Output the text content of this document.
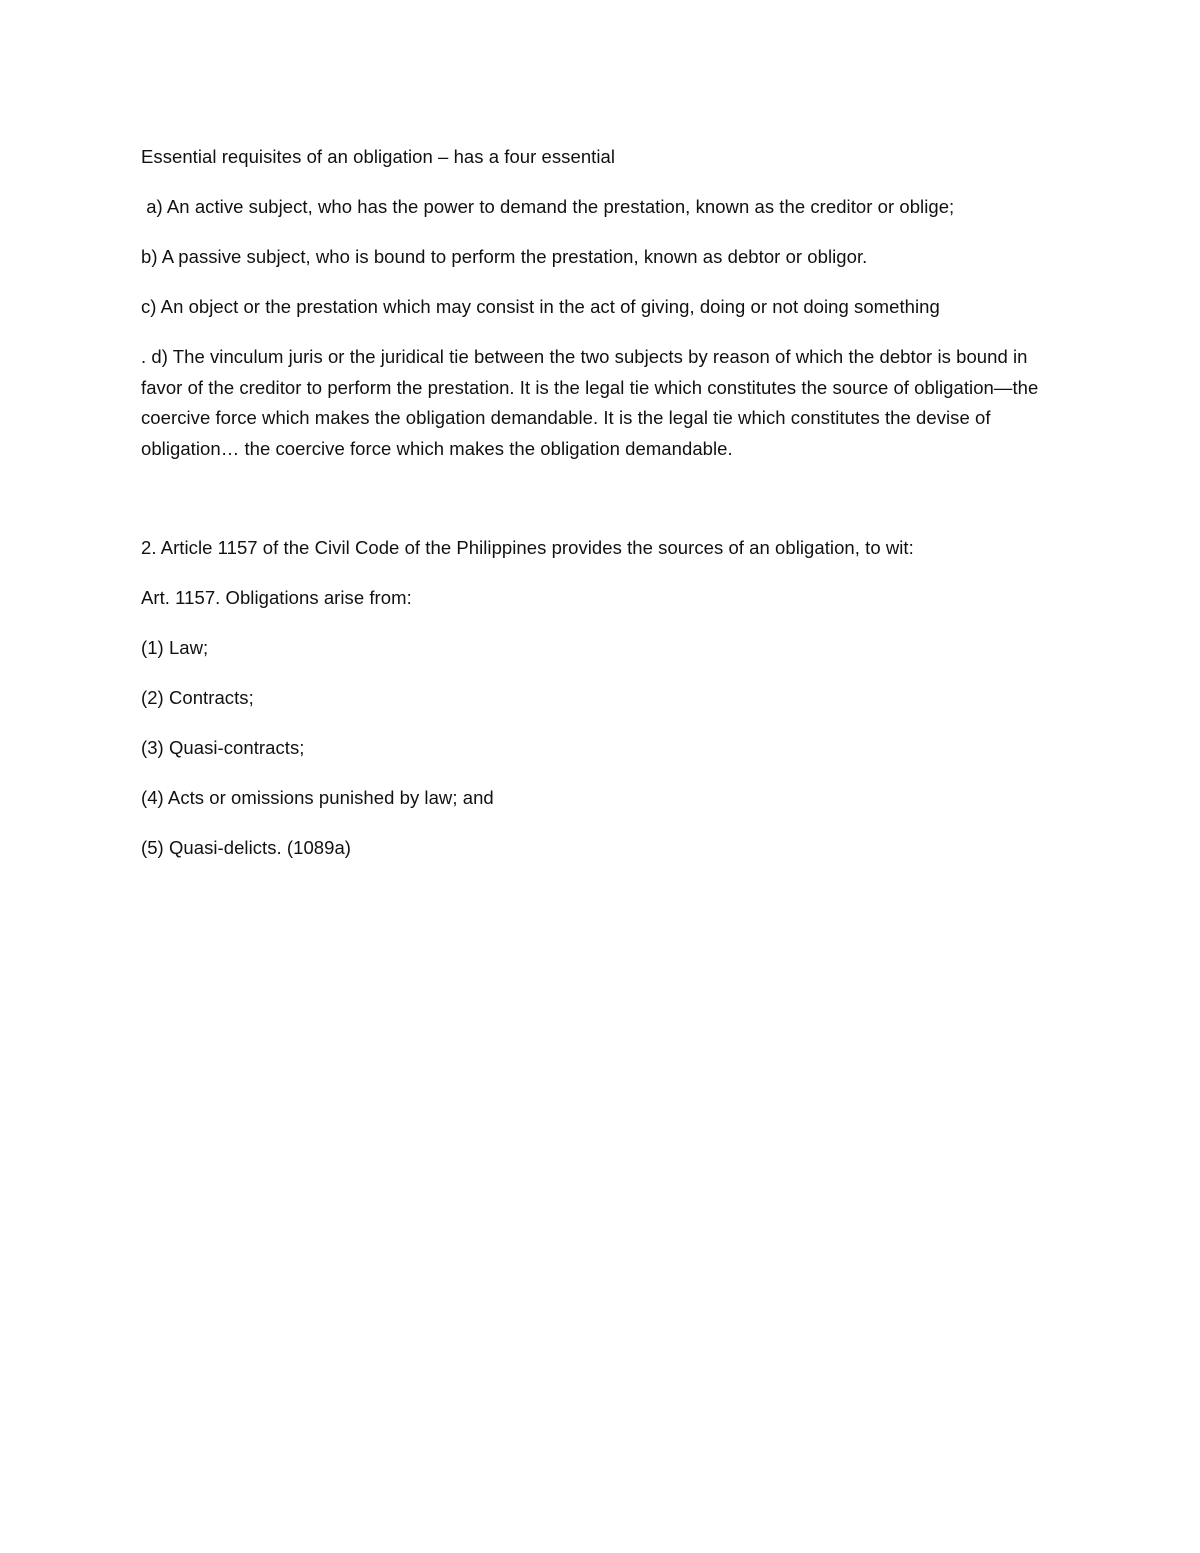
Essential requisites of an obligation – has a four essential

a) An active subject, who has the power to demand the prestation, known as the creditor or oblige;

b) A passive subject, who is bound to perform the prestation, known as debtor or obligor.

c) An object or the prestation which may consist in the act of giving, doing or not doing something

. d) The vinculum juris or the juridical tie between the two subjects by reason of which the debtor is bound in favor of the creditor to perform the prestation. It is the legal tie which constitutes the source of obligation—the coercive force which makes the obligation demandable. It is the legal tie which constitutes the devise of obligation… the coercive force which makes the obligation demandable.

2. Article 1157 of the Civil Code of the Philippines provides the sources of an obligation, to wit:

Art. 1157. Obligations arise from:

(1) Law;

(2) Contracts;

(3) Quasi-contracts;

(4) Acts or omissions punished by law; and

(5) Quasi-delicts. (1089a)
